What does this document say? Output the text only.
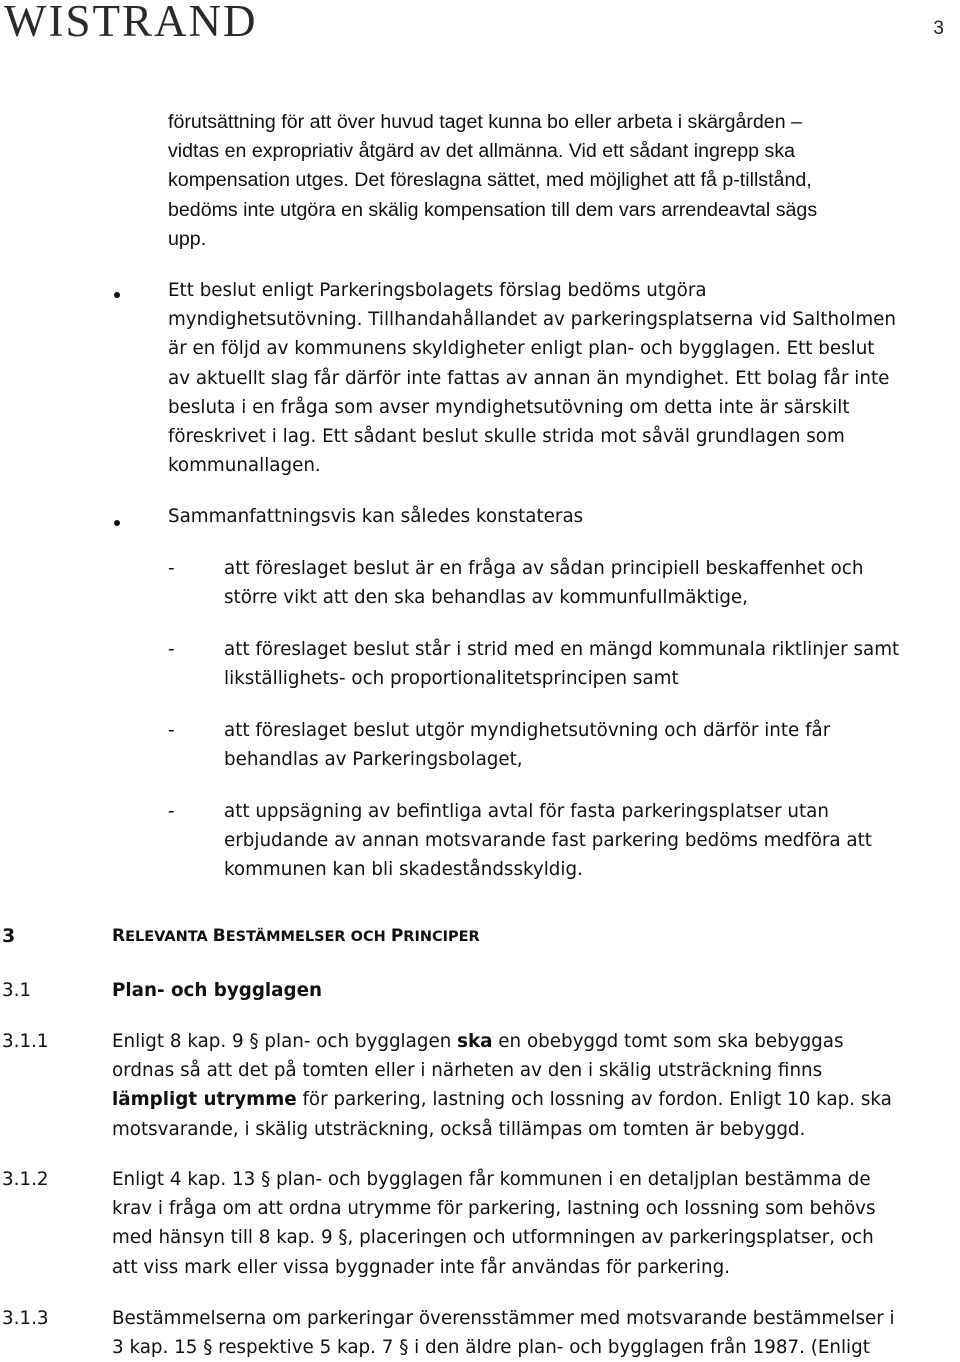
WISTRAND	3
förutsättning för att över huvud taget kunna bo eller arbeta i skärgården –
vidtas en expropriativ åtgärd av det allmänna. Vid ett sådant ingrepp ska
kompensation utges. Det föreslagna sättet, med möjlighet att få p-tillstånd,
bedöms inte utgöra en skälig kompensation till dem vars arrendeavtal sägs
upp.
Ett beslut enligt Parkeringsbolagets förslag bedöms utgöra
myndighetsutövning. Tillhandahållandet av parkeringsplatserna vid Saltholmen
är en följd av kommunens skyldigheter enligt plan- och bygglagen. Ett beslut
av aktuellt slag får därför inte fattas av annan än myndighet. Ett bolag får inte
besluta i en fråga som avser myndighetsutövning om detta inte är särskilt
föreskrivet i lag. Ett sådant beslut skulle strida mot såväl grundlagen som
kommunallagen.
Sammanfattningsvis kan således konstateras
-	att föreslaget beslut är en fråga av sådan principiell beskaffenhet och
större vikt att den ska behandlas av kommunfullmäktige,
-	att föreslaget beslut står i strid med en mängd kommunala riktlinjer samt
likställighets- och proportionalitetsprincipen samt
-	att föreslaget beslut utgör myndighetsutövning och därför inte får
behandlas av Parkeringsbolaget,
-	att uppsägning av befintliga avtal för fasta parkeringsplatser utan
erbjudande av annan motsvarande fast parkering bedöms medföra att
kommunen kan bli skadeståndsskyldig.
3	RELEVANTA BESTÄMMELSER OCH PRINCIPER
3.1	Plan- och bygglagen
3.1.1	Enligt 8 kap. 9 § plan- och bygglagen ska en obebyggd tomt som ska bebyggas
ordnas så att det på tomten eller i närheten av den i skälig utsträckning finns
lämpligt utrymme för parkering, lastning och lossning av fordon. Enligt 10 kap. ska
motsvarande, i skälig utsträckning, också tillämpas om tomten är bebyggd.
3.1.2	Enligt 4 kap. 13 § plan- och bygglagen får kommunen i en detaljplan bestämma de
krav i fråga om att ordna utrymme för parkering, lastning och lossning som behövs
med hänsyn till 8 kap. 9 §, placeringen och utformningen av parkeringsplatser, och
att viss mark eller vissa byggnader inte får användas för parkering.
3.1.3	Bestämmelserna om parkeringar överensstämmer med motsvarande bestämmelser i
3 kap. 15 § respektive 5 kap. 7 § i den äldre plan- och bygglagen från 1987. (Enligt
